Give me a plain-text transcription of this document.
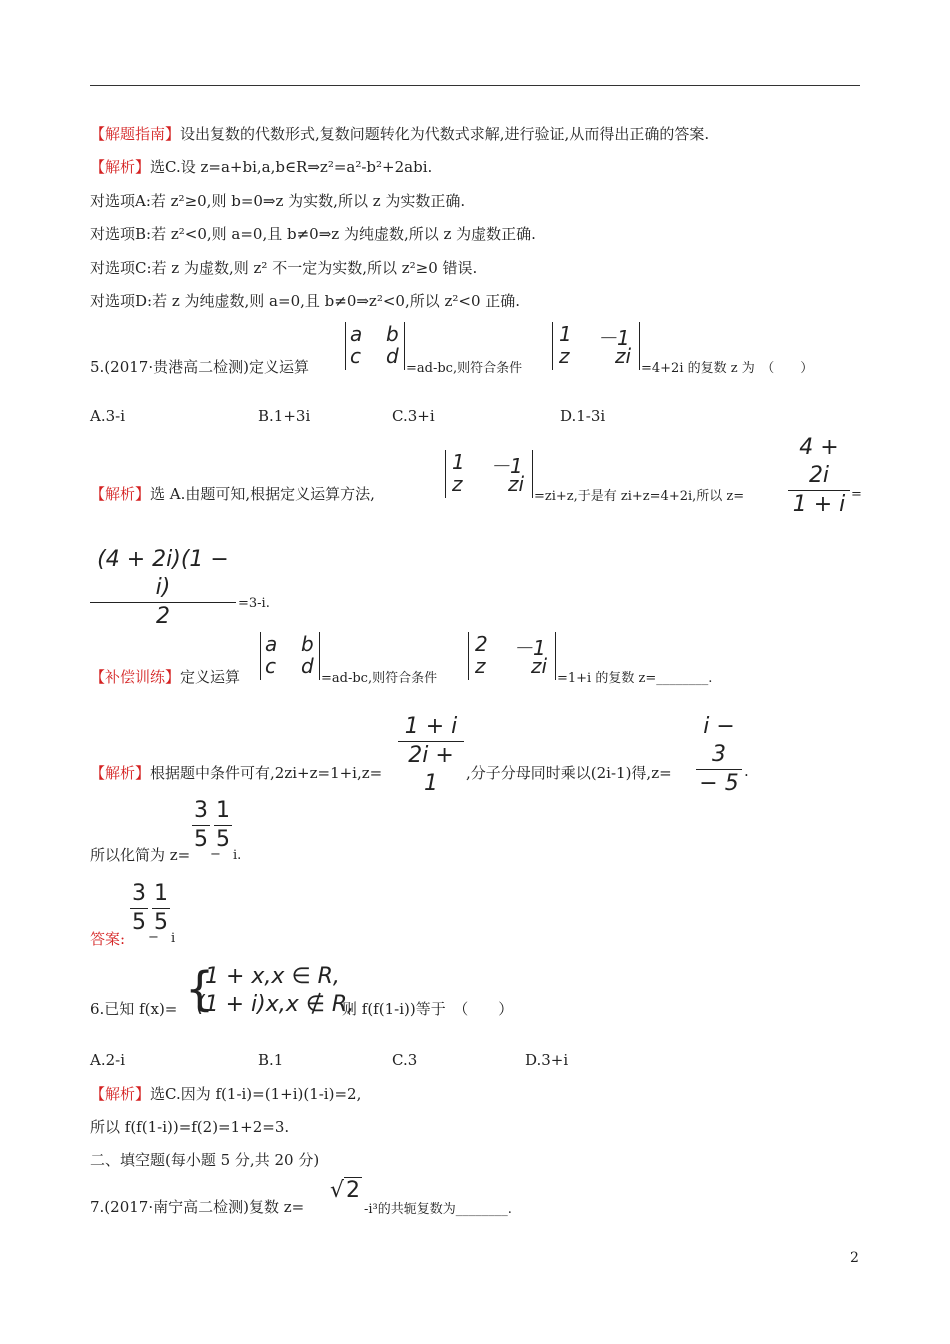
【解题指南】设出复数的代数形式,复数问题转化为代数式求解,进行验证,从而得出正确的答案.
【解析】选C.设 z=a+bi,a,b∈R⇒z²=a²-b²+2abi.
对选项A:若 z²≥0,则 b=0⇒z 为实数,所以 z 为实数正确.
对选项B:若 z²<0,则 a=0,且 b≠0⇒z 为纯虚数,所以 z 为虚数正确.
对选项C:若 z 为虚数,则 z² 不一定为实数,所以 z²≥0 错误.
对选项D:若 z 为纯虚数,则 a=0,且 b≠0⇒z²<0,所以 z²<0 正确.
5.(2017·贵港高二检测)定义运算
a b
c d
=ad-bc,则符合条件
1 －1
z zi
=4+2i 的复数 z 为　（　　）
A.3-i	B.1+3i	C.3+i	D.1-3i
【解析】选 A.由题可知,根据定义运算方法,
1 －1
z zi
=zi+z,于是有 zi+z=4+2i,所以 z=
4 + 2i
1 + i =
(4 + 2i)(1 − i)
2
=3-i.
【补偿训练】定义运算
a b
c d
=ad-bc,则符合条件
2 －1
z zi
=1+i 的复数 z=________.
【解析】根据题中条件可有,2zi+z=1+i,z=
1 + i
2i + 1	,分子分母同时乘以(2i-1)得,z=
i − 3
− 5 .
所以化简为 z=
3
5
−
1
5
i.
答案:
3
5
−
1
5
i
6.已知 f(x)= {
1 + x,x ∈ R,
(1 + i)x,x ∉ R,
则 f(f(1-i))等于　（　　）
A.2-i	B.1	C.3	D.3+i
【解析】选C.因为 f(1-i)=(1+i)(1-i)=2,
所以 f(f(1-i))=f(2)=1+2=3.
二、填空题(每小题 5 分,共 20 分)
7.(2017·南宁高二检测)复数 z=
√2
-i³的共轭复数为________.
2
